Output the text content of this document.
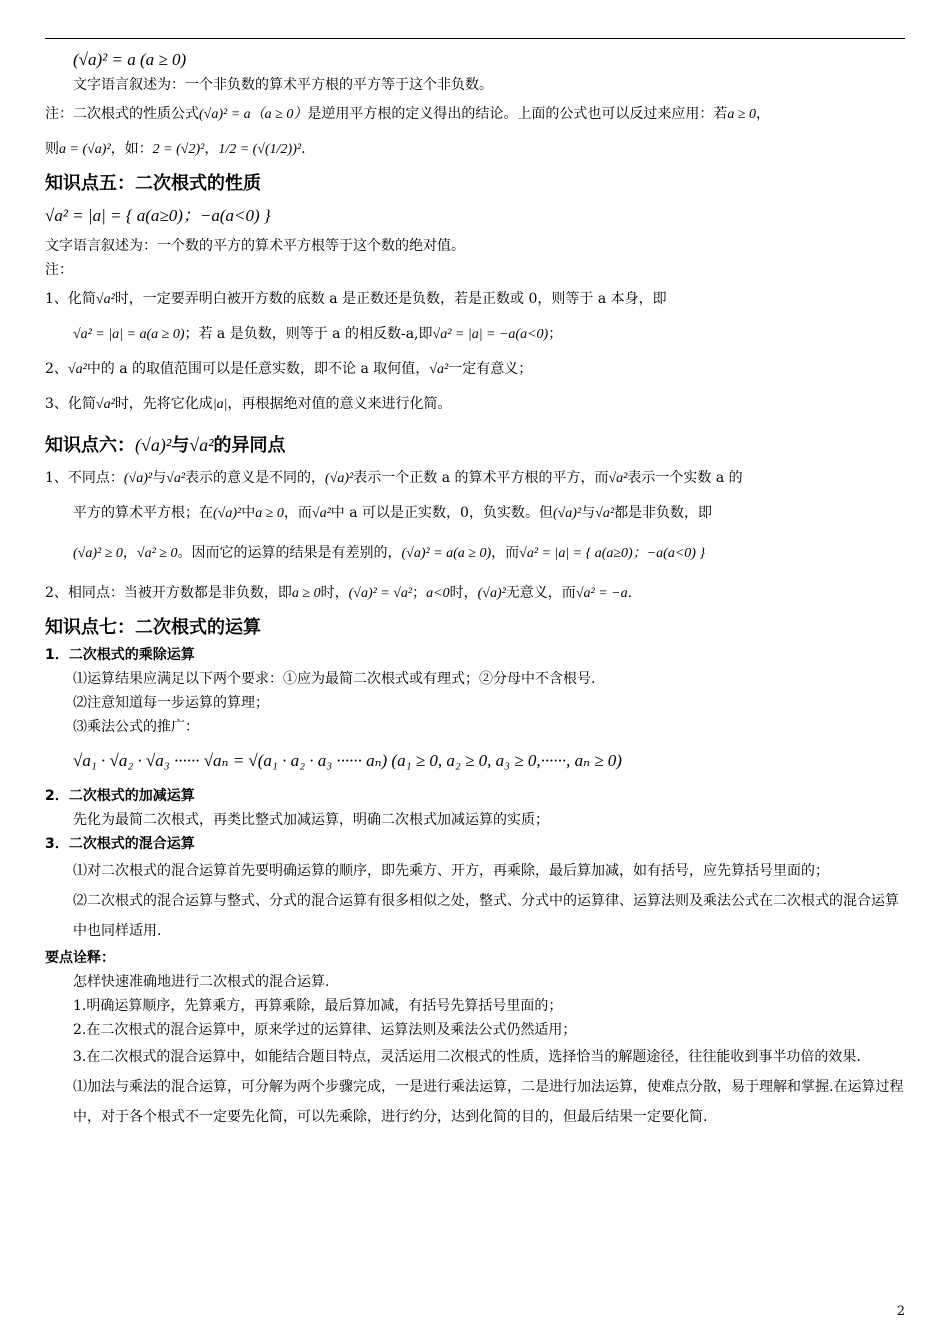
(√a)² = a (a ≥ 0)

文字语言叙述为：一个非负数的算术平方根的平方等于这个非负数。

注：二次根式的性质公式(√a)² = a（a ≥ 0）是逆用平方根的定义得出的结论。上面的公式也可以反过来应用：若a ≥ 0，

则a = (√a)²，如：2 = (√2)²，1/2 = (√(1/2))².

知识点五：二次根式的性质

√a² = |a| = { a(a≥0)；−a(a<0) }

文字语言叙述为：一个数的平方的算术平方根等于这个数的绝对值。

注：

1、化简√a²时，一定要弄明白被开方数的底数 a 是正数还是负数，若是正数或 0，则等于 a 本身，即

√a² = |a| = a(a ≥ 0)；若 a 是负数，则等于 a 的相反数-a,即√a² = |a| = −a(a<0)；

2、√a²中的 a 的取值范围可以是任意实数，即不论 a 取何值，√a²一定有意义；

3、化简√a²时，先将它化成|a|，再根据绝对值的意义来进行化简。

知识点六：(√a)²与√a²的异同点

1、不同点：(√a)²与√a²表示的意义是不同的，(√a)²表示一个正数 a 的算术平方根的平方，而√a²表示一个实数 a 的

平方的算术平方根；在(√a)²中a ≥ 0，而√a²中 a 可以是正实数，0，负实数。但(√a)²与√a²都是非负数，即

(√a)² ≥ 0，√a² ≥ 0。因而它的运算的结果是有差别的，(√a)² = a(a ≥ 0)，而√a² = |a| = { a(a≥0)；−a(a<0) }

2、相同点：当被开方数都是非负数，即a ≥ 0时，(√a)² = √a²；a<0时，(√a)²无意义，而√a² = −a.

知识点七：二次根式的运算

1．二次根式的乘除运算

⑴运算结果应满足以下两个要求：①应为最简二次根式或有理式；②分母中不含根号.

⑵注意知道每一步运算的算理；

⑶乘法公式的推广：

√a₁ · √a₂ · √a₃ ······ √aₙ = √(a₁ · a₂ · a₃ ······ aₙ) (a₁ ≥ 0, a₂ ≥ 0, a₃ ≥ 0,······, aₙ ≥ 0)

2．二次根式的加减运算

先化为最简二次根式，再类比整式加减运算，明确二次根式加减运算的实质；

3．二次根式的混合运算

⑴对二次根式的混合运算首先要明确运算的顺序，即先乘方、开方，再乘除，最后算加减，如有括号，应先算括号里面的；

⑵二次根式的混合运算与整式、分式的混合运算有很多相似之处，整式、分式中的运算律、运算法则及乘法公式在二次根式的混合运算中也同样适用.

要点诠释：

怎样快速准确地进行二次根式的混合运算.

1.明确运算顺序，先算乘方，再算乘除，最后算加减，有括号先算括号里面的；

2.在二次根式的混合运算中，原来学过的运算律、运算法则及乘法公式仍然适用；

3.在二次根式的混合运算中，如能结合题目特点，灵活运用二次根式的性质，选择恰当的解题途径，往往能收到事半功倍的效果.

⑴加法与乘法的混合运算，可分解为两个步骤完成，一是进行乘法运算，二是进行加法运算，使难点分散，易于理解和掌握.在运算过程中，对于各个根式不一定要先化简，可以先乘除，进行约分，达到化简的目的，但最后结果一定要化简.

2
